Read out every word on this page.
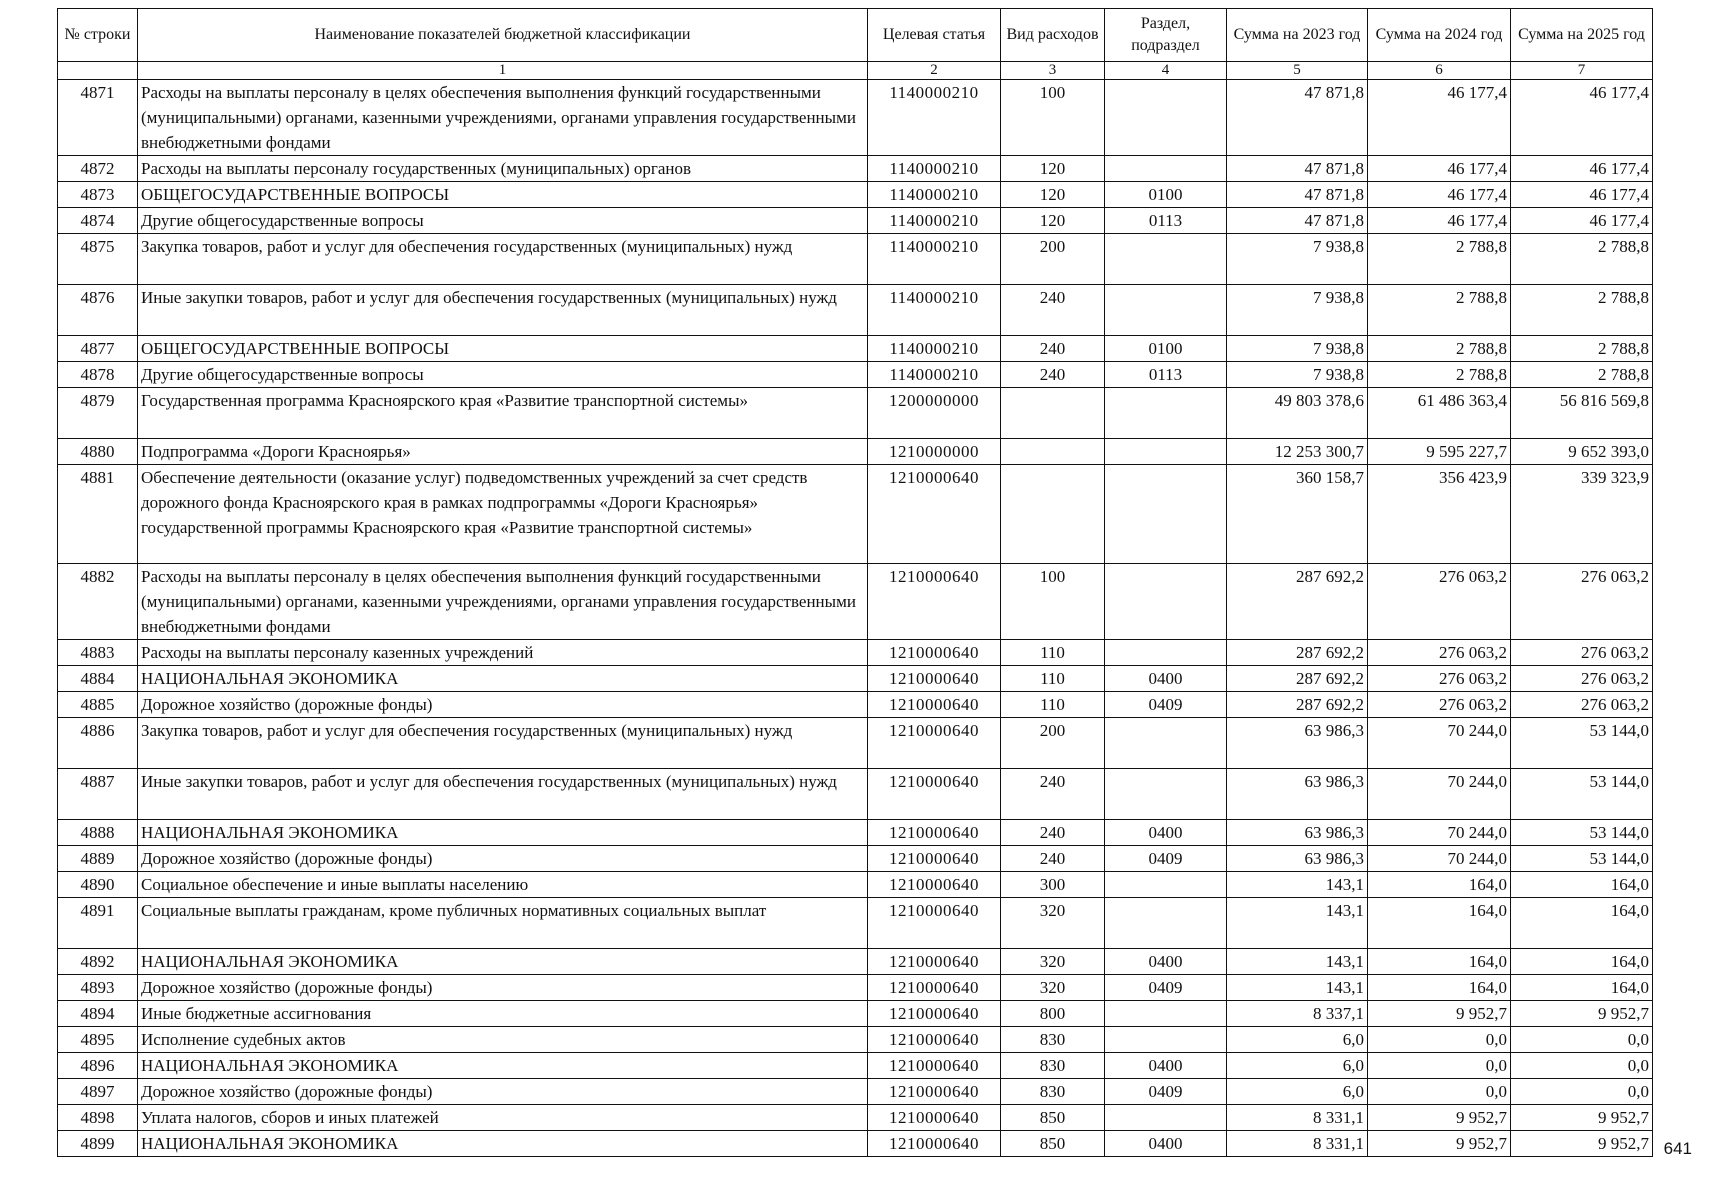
№ строки	Наименование показателей бюджетной классификации	Целевая статья	Вид расходов	Раздел, подраздел	Сумма на 2023 год	Сумма на 2024 год	Сумма на 2025 год
	1	2	3	4	5	6	7
4871	Расходы на выплаты персоналу в целях обеспечения выполнения функций государственными (муниципальными) органами, казенными учреждениями, органами управления государственными внебюджетными фондами	1140000210	100		47 871,8	46 177,4	46 177,4
4872	Расходы на выплаты персоналу государственных (муниципальных) органов	1140000210	120		47 871,8	46 177,4	46 177,4
4873	ОБЩЕГОСУДАРСТВЕННЫЕ ВОПРОСЫ	1140000210	120	0100	47 871,8	46 177,4	46 177,4
4874	Другие общегосударственные вопросы	1140000210	120	0113	47 871,8	46 177,4	46 177,4
4875	Закупка товаров, работ и услуг для обеспечения государственных (муниципальных) нужд	1140000210	200		7 938,8	2 788,8	2 788,8
4876	Иные закупки товаров, работ и услуг для обеспечения государственных (муниципальных) нужд	1140000210	240		7 938,8	2 788,8	2 788,8
4877	ОБЩЕГОСУДАРСТВЕННЫЕ ВОПРОСЫ	1140000210	240	0100	7 938,8	2 788,8	2 788,8
4878	Другие общегосударственные вопросы	1140000210	240	0113	7 938,8	2 788,8	2 788,8
4879	Государственная программа Красноярского края «Развитие транспортной системы»	1200000000			49 803 378,6	61 486 363,4	56 816 569,8
4880	Подпрограмма «Дороги Красноярья»	1210000000			12 253 300,7	9 595 227,7	9 652 393,0
4881	Обеспечение деятельности (оказание услуг) подведомственных учреждений за счет средств дорожного фонда Красноярского края в рамках подпрограммы «Дороги Красноярья» государственной программы Красноярского края «Развитие транспортной системы»	1210000640			360 158,7	356 423,9	339 323,9
4882	Расходы на выплаты персоналу в целях обеспечения выполнения функций государственными (муниципальными) органами, казенными учреждениями, органами управления государственными внебюджетными фондами	1210000640	100		287 692,2	276 063,2	276 063,2
4883	Расходы на выплаты персоналу казенных учреждений	1210000640	110		287 692,2	276 063,2	276 063,2
4884	НАЦИОНАЛЬНАЯ ЭКОНОМИКА	1210000640	110	0400	287 692,2	276 063,2	276 063,2
4885	Дорожное хозяйство (дорожные фонды)	1210000640	110	0409	287 692,2	276 063,2	276 063,2
4886	Закупка товаров, работ и услуг для обеспечения государственных (муниципальных) нужд	1210000640	200		63 986,3	70 244,0	53 144,0
4887	Иные закупки товаров, работ и услуг для обеспечения государственных (муниципальных) нужд	1210000640	240		63 986,3	70 244,0	53 144,0
4888	НАЦИОНАЛЬНАЯ ЭКОНОМИКА	1210000640	240	0400	63 986,3	70 244,0	53 144,0
4889	Дорожное хозяйство (дорожные фонды)	1210000640	240	0409	63 986,3	70 244,0	53 144,0
4890	Социальное обеспечение и иные выплаты населению	1210000640	300		143,1	164,0	164,0
4891	Социальные выплаты гражданам, кроме публичных нормативных социальных выплат	1210000640	320		143,1	164,0	164,0
4892	НАЦИОНАЛЬНАЯ ЭКОНОМИКА	1210000640	320	0400	143,1	164,0	164,0
4893	Дорожное хозяйство (дорожные фонды)	1210000640	320	0409	143,1	164,0	164,0
4894	Иные бюджетные ассигнования	1210000640	800		8 337,1	9 952,7	9 952,7
4895	Исполнение судебных актов	1210000640	830		6,0	0,0	0,0
4896	НАЦИОНАЛЬНАЯ ЭКОНОМИКА	1210000640	830	0400	6,0	0,0	0,0
4897	Дорожное хозяйство (дорожные фонды)	1210000640	830	0409	6,0	0,0	0,0
4898	Уплата налогов, сборов и иных платежей	1210000640	850		8 331,1	9 952,7	9 952,7
4899	НАЦИОНАЛЬНАЯ ЭКОНОМИКА	1210000640	850	0400	8 331,1	9 952,7	9 952,7 641
